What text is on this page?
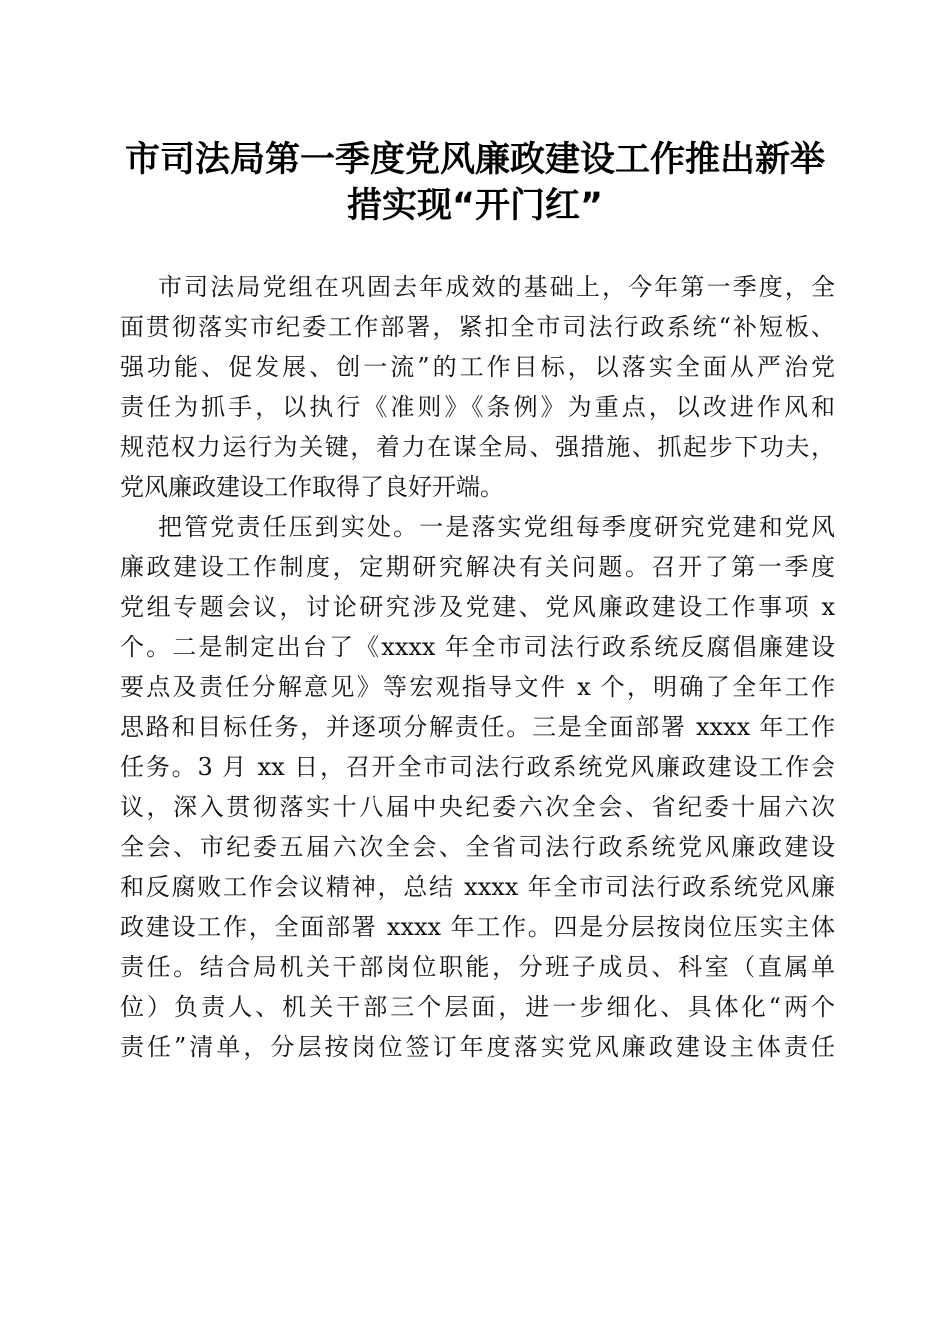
市司法局第一季度党风廉政建设工作推出新举
措实现“开门红”
市司法局党组在巩固去年成效的基础上，今年第一季度，全
面贯彻落实市纪委工作部署，紧扣全市司法行政系统“补短板、
强功能、促发展、创一流”的工作目标，以落实全面从严治党
责任为抓手，以执行《准则》《条例》为重点，以改进作风和
规范权力运行为关键，着力在谋全局、强措施、抓起步下功夫，
党风廉政建设工作取得了良好开端。
把管党责任压到实处。一是落实党组每季度研究党建和党风
廉政建设工作制度，定期研究解决有关问题。召开了第一季度
党组专题会议，讨论研究涉及党建、党风廉政建设工作事项 x
个。二是制定出台了《xxxx 年全市司法行政系统反腐倡廉建设
要点及责任分解意见》等宏观指导文件 x 个，明确了全年工作
思路和目标任务，并逐项分解责任。三是全面部署 xxxx 年工作
任务。3 月 xx 日，召开全市司法行政系统党风廉政建设工作会
议，深入贯彻落实十八届中央纪委六次全会、省纪委十届六次
全会、市纪委五届六次全会、全省司法行政系统党风廉政建设
和反腐败工作会议精神，总结 xxxx 年全市司法行政系统党风廉
政建设工作，全面部署 xxxx 年工作。四是分层按岗位压实主体
责任。结合局机关干部岗位职能，分班子成员、科室（直属单
位）负责人、机关干部三个层面，进一步细化、具体化“两个
责任”清单，分层按岗位签订年度落实党风廉政建设主体责任
